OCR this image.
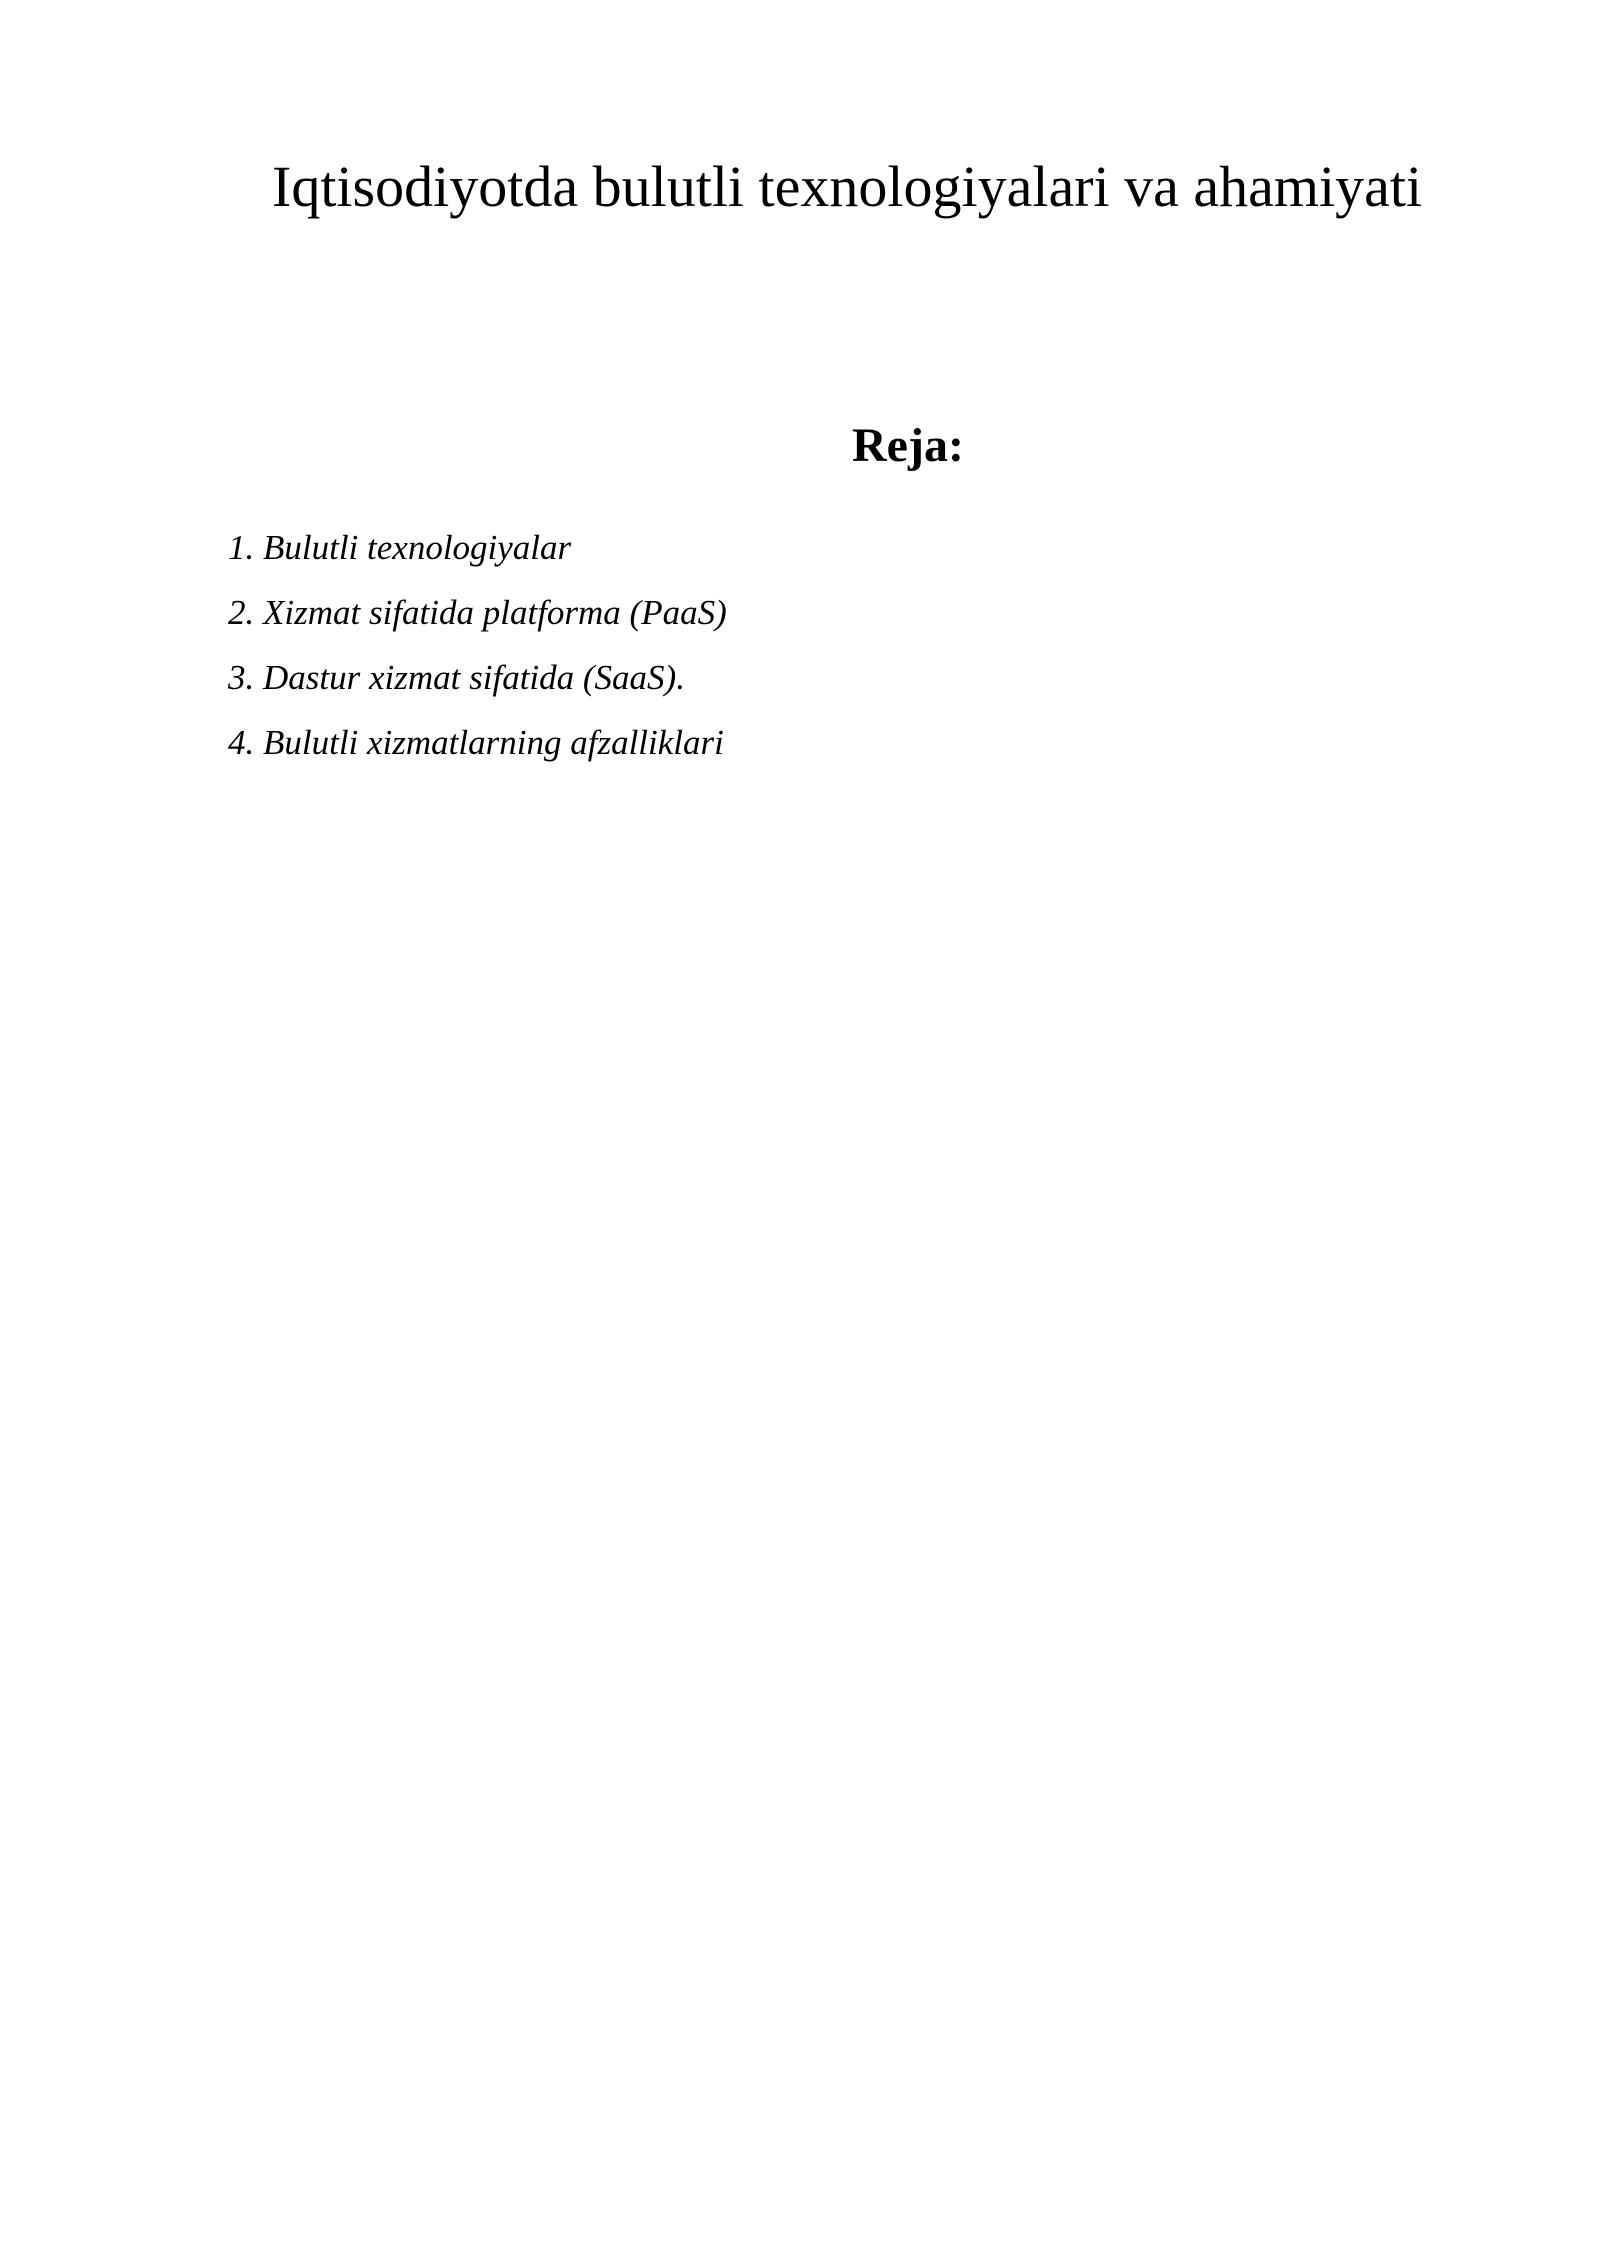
Iqtisodiyotda bulutli texnologiyalari va ahamiyati
Reja:
1. Bulutli texnologiyalar
2. Xizmat sifatida platforma (PaaS)
3. Dastur xizmat sifatida (SaaS).
4. Bulutli xizmatlarning afzalliklari
